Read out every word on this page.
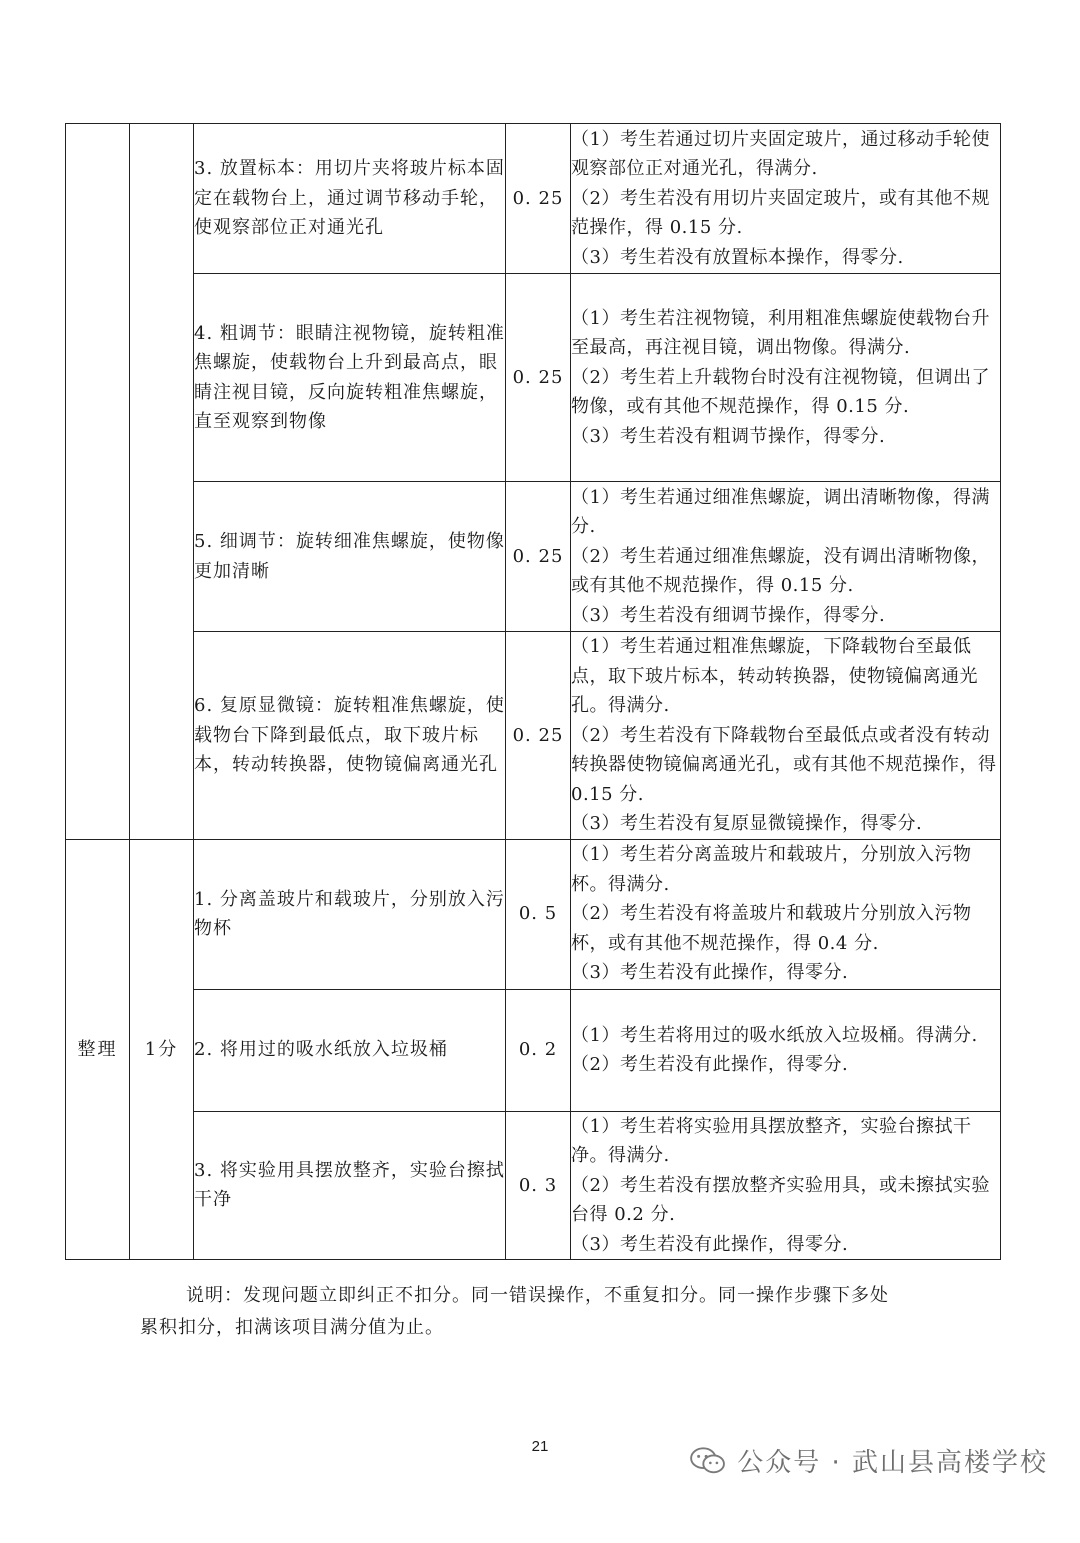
		3. 放置标本：用切片夹将玻片标本固定在载物台上，通过调节移动手轮，使观察部位正对通光孔	0. 25	（1）考生若通过切片夹固定玻片，通过移动手轮使观察部位正对通光孔，得满分.
（2）考生若没有用切片夹固定玻片，或有其他不规范操作，得 0.15 分.
（3）考生若没有放置标本操作，得零分.

		4. 粗调节：眼睛注视物镜，旋转粗准焦螺旋，使载物台上升到最高点，眼睛注视目镜，反向旋转粗准焦螺旋，直至观察到物像	0. 25	（1）考生若注视物镜，利用粗准焦螺旋使载物台升至最高，再注视目镜，调出物像。得满分.
（2）考生若上升载物台时没有注视物镜，但调出了物像，或有其他不规范操作，得 0.15 分.
（3）考生若没有粗调节操作，得零分.

		5. 细调节：旋转细准焦螺旋，使物像更加清晰	0. 25	（1）考生若通过细准焦螺旋，调出清晰物像，得满分.
（2）考生若通过细准焦螺旋，没有调出清晰物像，或有其他不规范操作，得 0.15 分.
（3）考生若没有细调节操作，得零分.

		6. 复原显微镜：旋转粗准焦螺旋，使载物台下降到最低点，取下玻片标本，转动转换器，使物镜偏离通光孔	0. 25	（1）考生若通过粗准焦螺旋，下降载物台至最低点，取下玻片标本，转动转换器，使物镜偏离通光孔。得满分.
（2）考生若没有下降载物台至最低点或者没有转动转换器使物镜偏离通光孔，或有其他不规范操作，得 0.15 分.
（3）考生若没有复原显微镜操作，得零分.

整理	1分	1. 分离盖玻片和载玻片，分别放入污物杯	0. 5	（1）考生若分离盖玻片和载玻片，分别放入污物杯。得满分.
（2）考生若没有将盖玻片和载玻片分别放入污物杯，或有其他不规范操作，得 0.4 分.
（3）考生若没有此操作，得零分.

		2. 将用过的吸水纸放入垃圾桶	0. 2	（1）考生若将用过的吸水纸放入垃圾桶。得满分.
（2）考生若没有此操作，得零分.

		3. 将实验用具摆放整齐，实验台擦拭干净	0. 3	（1）考生若将实验用具摆放整齐，实验台擦拭干净。得满分.
（2）考生若没有摆放整齐实验用具，或未擦拭实验台得 0.2 分.
（3）考生若没有此操作，得零分.
说明：发现问题立即纠正不扣分。同一错误操作，不重复扣分。同一操作步骤下多处
累积扣分，扣满该项目满分值为止。
21
公众号 · 武山县高楼学校
